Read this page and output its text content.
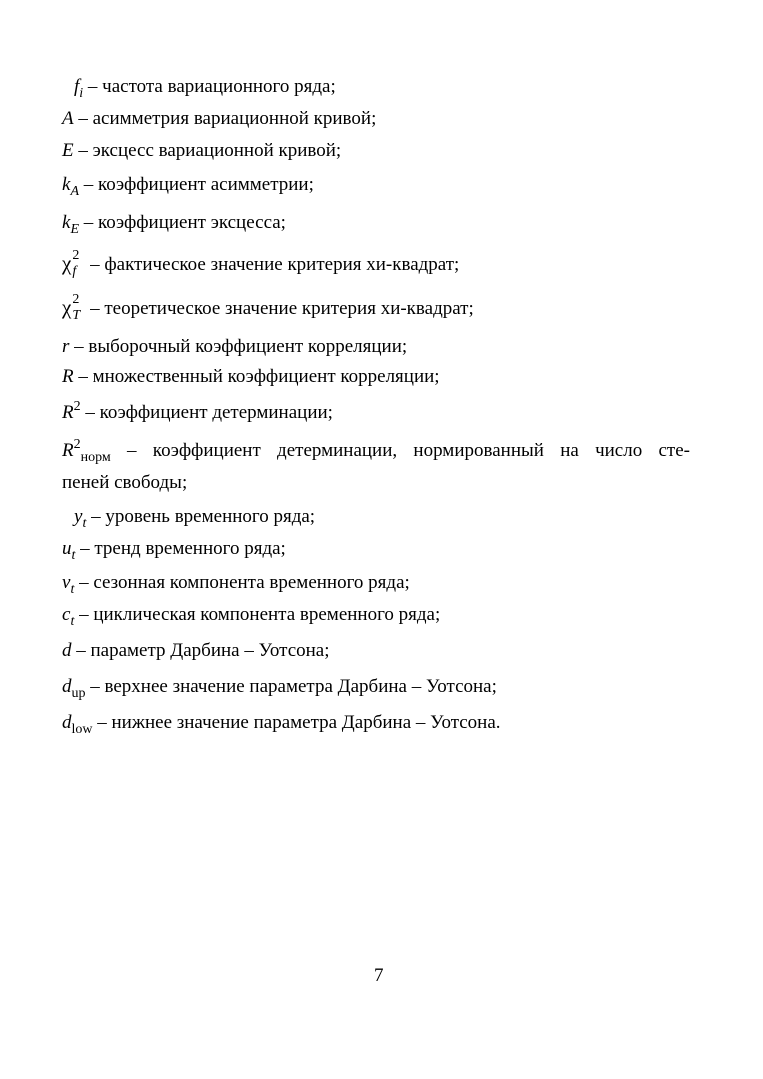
$f_i$ – частота вариационного ряда;
A – асимметрия вариационной кривой;
E – эксцесс вариационной кривой;
$k_A$ – коэффициент асимметрии;
$k_E$ – коэффициент эксцесса;
χ 2
f – фактическое значение критерия хи-квадрат;
χ 2
T – теоретическое значение критерия хи-квадрат;
r – выборочный коэффициент корреляции;
R – множественный коэффициент корреляции;
$R^2$ – коэффициент детерминации;
$R^2_{норм}$ – коэффициент детерминации, нормированный на число сте-
пеней свободы;
$y_t$ – уровень временного ряда;
$u_t$ – тренд временного ряда;
$v_t$ – сезонная компонента временного ряда;
$c_t$ – циклическая компонента временного ряда;
d – параметр Дарбина – Уотсона;
$d_{up}$ – верхнее значение параметра Дарбина – Уотсона;
$d_{low}$ – нижнее значение параметра Дарбина – Уотсона.
7
